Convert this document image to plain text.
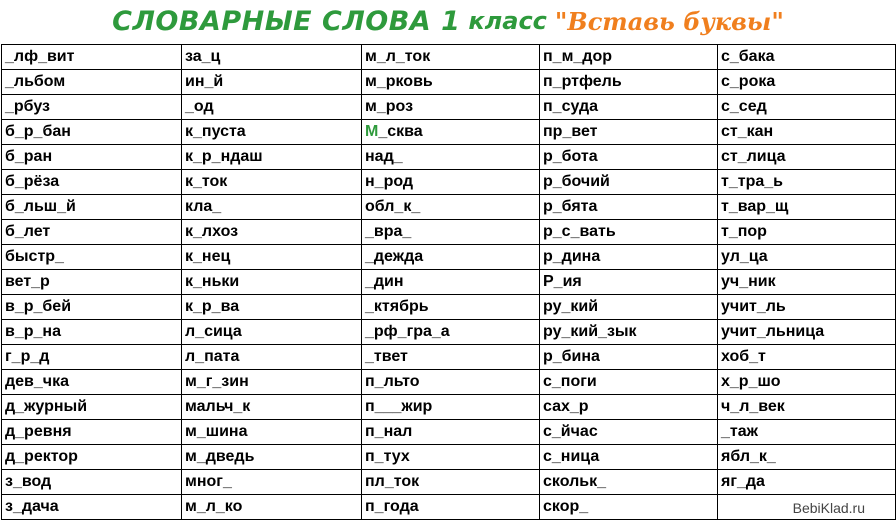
СЛОВАРНЫЕ СЛОВА 1 класс "Вставь буквы"
_лф_вит	за_ц	м_л_ток	п_м_дор	с_бака
_льбом	ин_й	м_рковь	п_ртфель	с_рока
_рбуз	_од	м_роз	п_суда	с_сед
б_р_бан	к_пуста	М_сква	пр_вет	ст_кан
б_ран	к_р_ндаш	над_	р_бота	ст_лица
б_рёза	к_ток	н_род	р_бочий	т_тра_ь
б_льш_й	кла_	обл_к_	р_бята	т_вар_щ
б_лет	к_лхоз	_вра_	р_с_вать	т_пор
быстр_	к_нец	_дежда	р_дина	ул_ца
вет_р	к_ньки	_дин	Р_ия	уч_ник
в_р_бей	к_р_ва	_ктябрь	ру_кий	учит_ль
в_р_на	л_сица	_рф_гра_а	ру_кий_зык	учит_льница
г_р_д	л_пата	_твет	р_бина	хоб_т
дев_чка	м_г_зин	п_льто	с_поги	х_р_шо
д_журный	мальч_к	п___жир	сах_р	ч_л_век
д_ревня	м_шина	п_нал	с_йчас	_таж
д_ректор	м_дведь	п_тух	с_ница	ябл_к_
з_вод	мног_	пл_ток	скольк_	яг_да
з_дача	м_л_ко	п_года	скор_		BebiKlad.ru
